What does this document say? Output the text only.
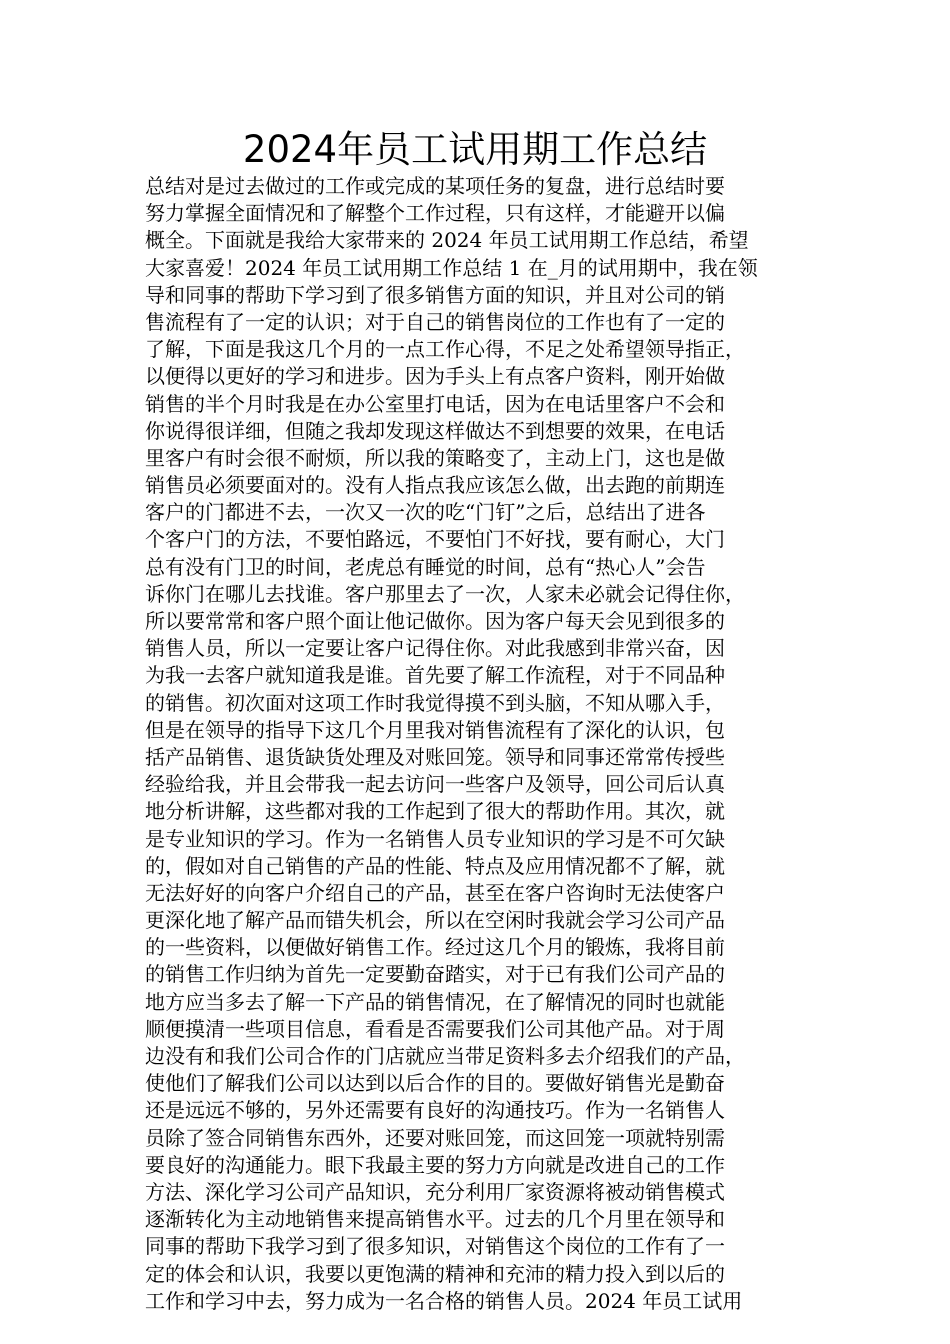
2024年员工试用期工作总结
总结对是过去做过的工作或完成的某项任务的复盘，进行总结时要
努力掌握全面情况和了解整个工作过程，只有这样，才能避开以偏
概全。下面就是我给大家带来的 2024 年员工试用期工作总结，希望
大家喜爱！2024 年员工试用期工作总结 1 在_月的试用期中，我在领
导和同事的帮助下学习到了很多销售方面的知识，并且对公司的销
售流程有了一定的认识；对于自己的销售岗位的工作也有了一定的
了解，下面是我这几个月的一点工作心得，不足之处希望领导指正，
以便得以更好的学习和进步。因为手头上有点客户资料，刚开始做
销售的半个月时我是在办公室里打电话，因为在电话里客户不会和
你说得很详细，但随之我却发现这样做达不到想要的效果，在电话
里客户有时会很不耐烦，所以我的策略变了，主动上门，这也是做
销售员必须要面对的。没有人指点我应该怎么做，出去跑的前期连
客户的门都进不去，一次又一次的吃“门钉”之后，总结出了进各
个客户门的方法，不要怕路远，不要怕门不好找，要有耐心，大门
总有没有门卫的时间，老虎总有睡觉的时间，总有“热心人”会告
诉你门在哪儿去找谁。客户那里去了一次，人家未必就会记得住你，
所以要常常和客户照个面让他记做你。因为客户每天会见到很多的
销售人员，所以一定要让客户记得住你。对此我感到非常兴奋，因
为我一去客户就知道我是谁。首先要了解工作流程，对于不同品种
的销售。初次面对这项工作时我觉得摸不到头脑，不知从哪入手，
但是在领导的指导下这几个月里我对销售流程有了深化的认识，包
括产品销售、退货缺货处理及对账回笼。领导和同事还常常传授些
经验给我，并且会带我一起去访问一些客户及领导，回公司后认真
地分析讲解，这些都对我的工作起到了很大的帮助作用。其次，就
是专业知识的学习。作为一名销售人员专业知识的学习是不可欠缺
的，假如对自己销售的产品的性能、特点及应用情况都不了解，就
无法好好的向客户介绍自己的产品，甚至在客户咨询时无法使客户
更深化地了解产品而错失机会，所以在空闲时我就会学习公司产品
的一些资料，以便做好销售工作。经过这几个月的锻炼，我将目前
的销售工作归纳为首先一定要勤奋踏实，对于已有我们公司产品的
地方应当多去了解一下产品的销售情况，在了解情况的同时也就能
顺便摸清一些项目信息，看看是否需要我们公司其他产品。对于周
边没有和我们公司合作的门店就应当带足资料多去介绍我们的产品，
使他们了解我们公司以达到以后合作的目的。要做好销售光是勤奋
还是远远不够的，另外还需要有良好的沟通技巧。作为一名销售人
员除了签合同销售东西外，还要对账回笼，而这回笼一项就特别需
要良好的沟通能力。眼下我最主要的努力方向就是改进自己的工作
方法、深化学习公司产品知识，充分利用厂家资源将被动销售模式
逐渐转化为主动地销售来提高销售水平。过去的几个月里在领导和
同事的帮助下我学习到了很多知识，对销售这个岗位的工作有了一
定的体会和认识，我要以更饱满的精神和充沛的精力投入到以后的
工作和学习中去，努力成为一名合格的销售人员。2024 年员工试用
